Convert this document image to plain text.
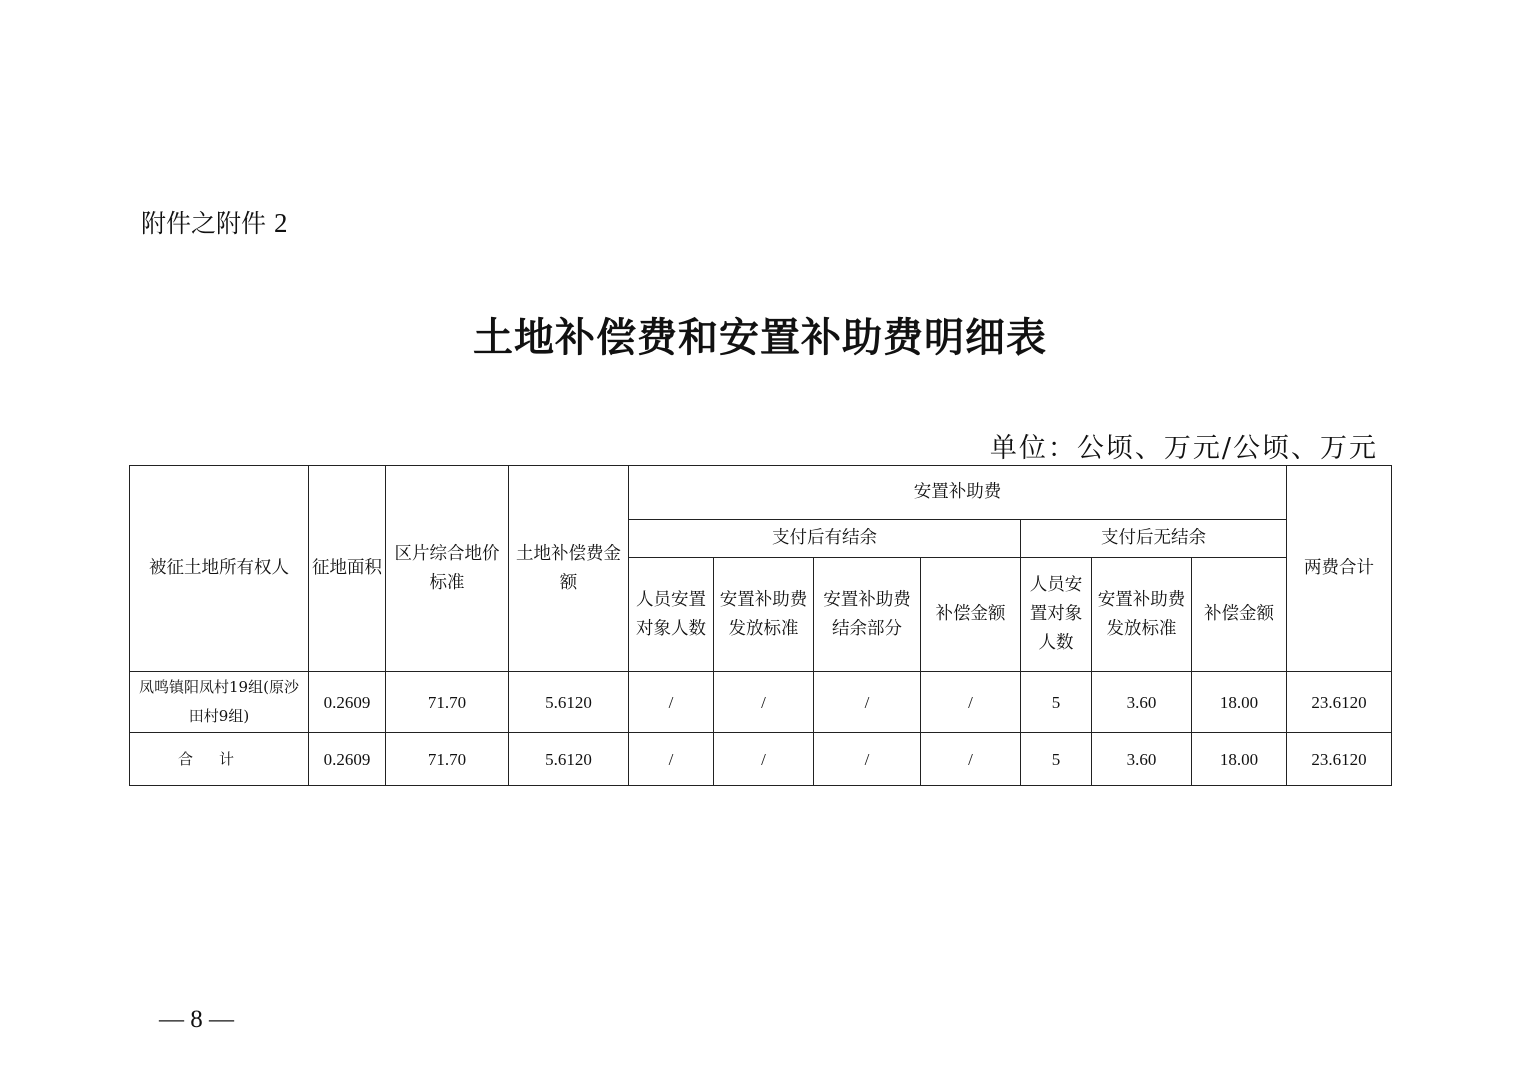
附件之附件 2
土地补偿费和安置补助费明细表
单位：公顷、万元/公顷、万元
被征土地所有权人	征地面积	区片综合地价标准	土地补偿费金额	安置补助费							两费合计
				支付后有结余				支付后无结余			
				人员安置对象人数	安置补助费发放标准	安置补助费结余部分	补偿金额	人员安置对象人数	安置补助费发放标准	补偿金额	
凤鸣镇阳凤村19组(原沙田村9组)	0.2609	71.70	5.6120	/	/	/	/	5	3.60	18.00	23.6120
合计	0.2609	71.70	5.6120	/	/	/	/	5	3.60	18.00	23.6120
— 8 —
